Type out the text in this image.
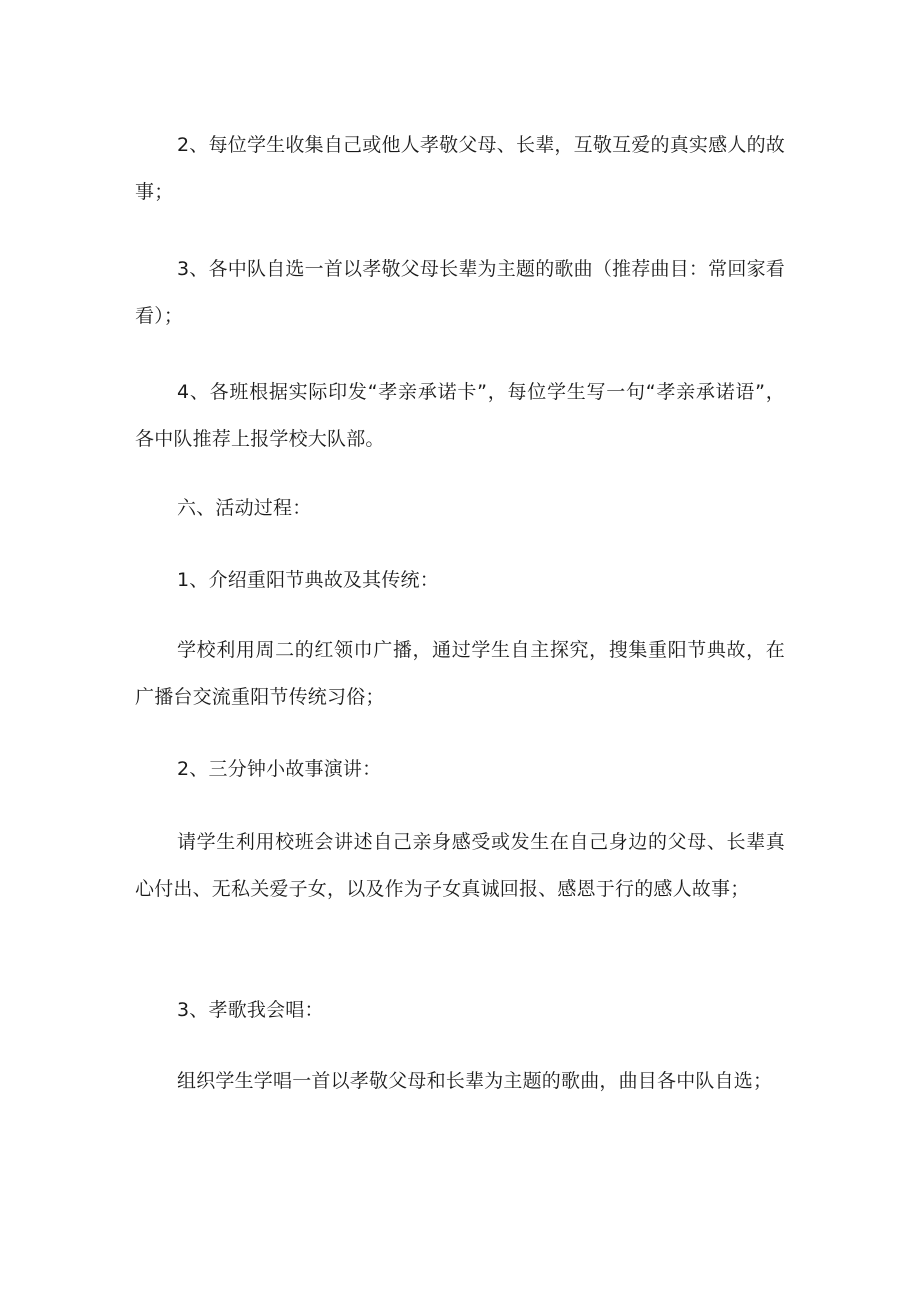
2、每位学生收集自己或他人孝敬父母、长辈，互敬互爱的真实感人的故事；

3、各中队自选一首以孝敬父母长辈为主题的歌曲（推荐曲目：常回家看看）；

4、各班根据实际印发“孝亲承诺卡”，每位学生写一句“孝亲承诺语”，各中队推荐上报学校大队部。

六、活动过程：

1、介绍重阳节典故及其传统：

学校利用周二的红领巾广播，通过学生自主探究，搜集重阳节典故，在广播台交流重阳节传统习俗；

2、三分钟小故事演讲：

请学生利用校班会讲述自己亲身感受或发生在自己身边的父母、长辈真心付出、无私关爱子女，以及作为子女真诚回报、感恩于行的感人故事；

3、孝歌我会唱：

组织学生学唱一首以孝敬父母和长辈为主题的歌曲，曲目各中队自选；
